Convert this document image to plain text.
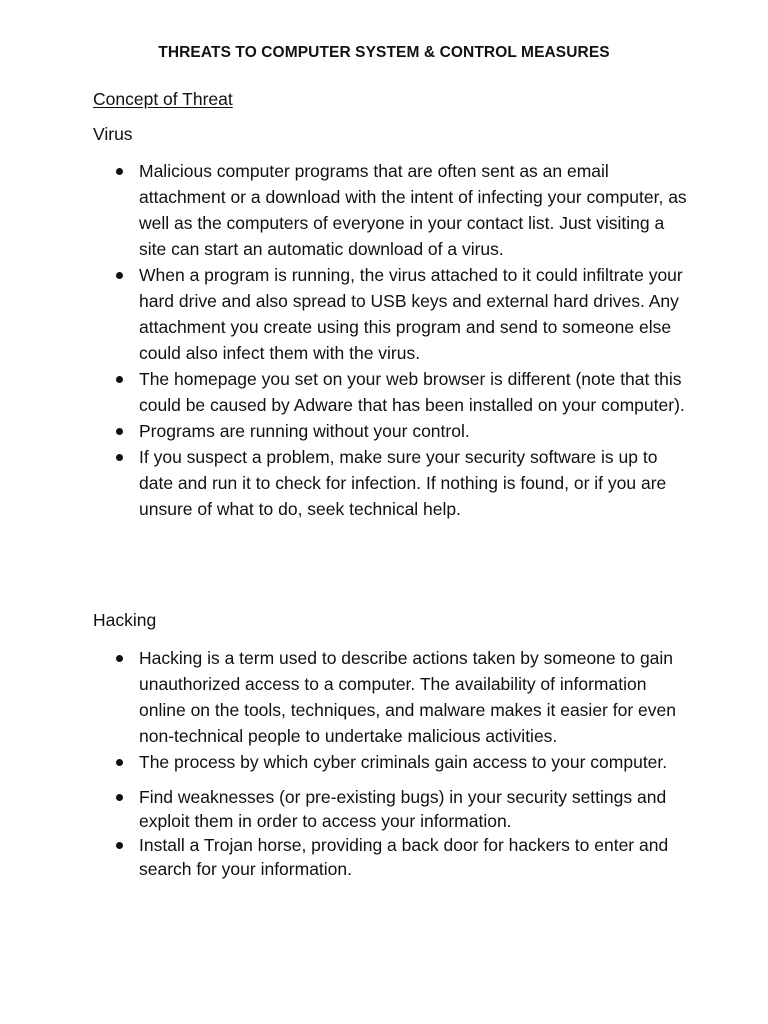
THREATS TO COMPUTER SYSTEM & CONTROL MEASURES
Concept of Threat
Virus
Malicious computer programs that are often sent as an email attachment or a download with the intent of infecting your computer, as well as the computers of everyone in your contact list. Just visiting a site can start an automatic download of a virus.
When a program is running, the virus attached to it could infiltrate your hard drive and also spread to USB keys and external hard drives. Any attachment you create using this program and send to someone else could also infect them with the virus.
The homepage you set on your web browser is different (note that this could be caused by Adware that has been installed on your computer).
Programs are running without your control.
If you suspect a problem, make sure your security software is up to date and run it to check for infection. If nothing is found, or if you are unsure of what to do, seek technical help.
Hacking
Hacking is a term used to describe actions taken by someone to gain unauthorized access to a computer. The availability of information online on the tools, techniques, and malware makes it easier for even non-technical people to undertake malicious activities.
The process by which cyber criminals gain access to your computer.
Find weaknesses (or pre-existing bugs) in your security settings and exploit them in order to access your information.
Install a Trojan horse, providing a back door for hackers to enter and search for your information.
